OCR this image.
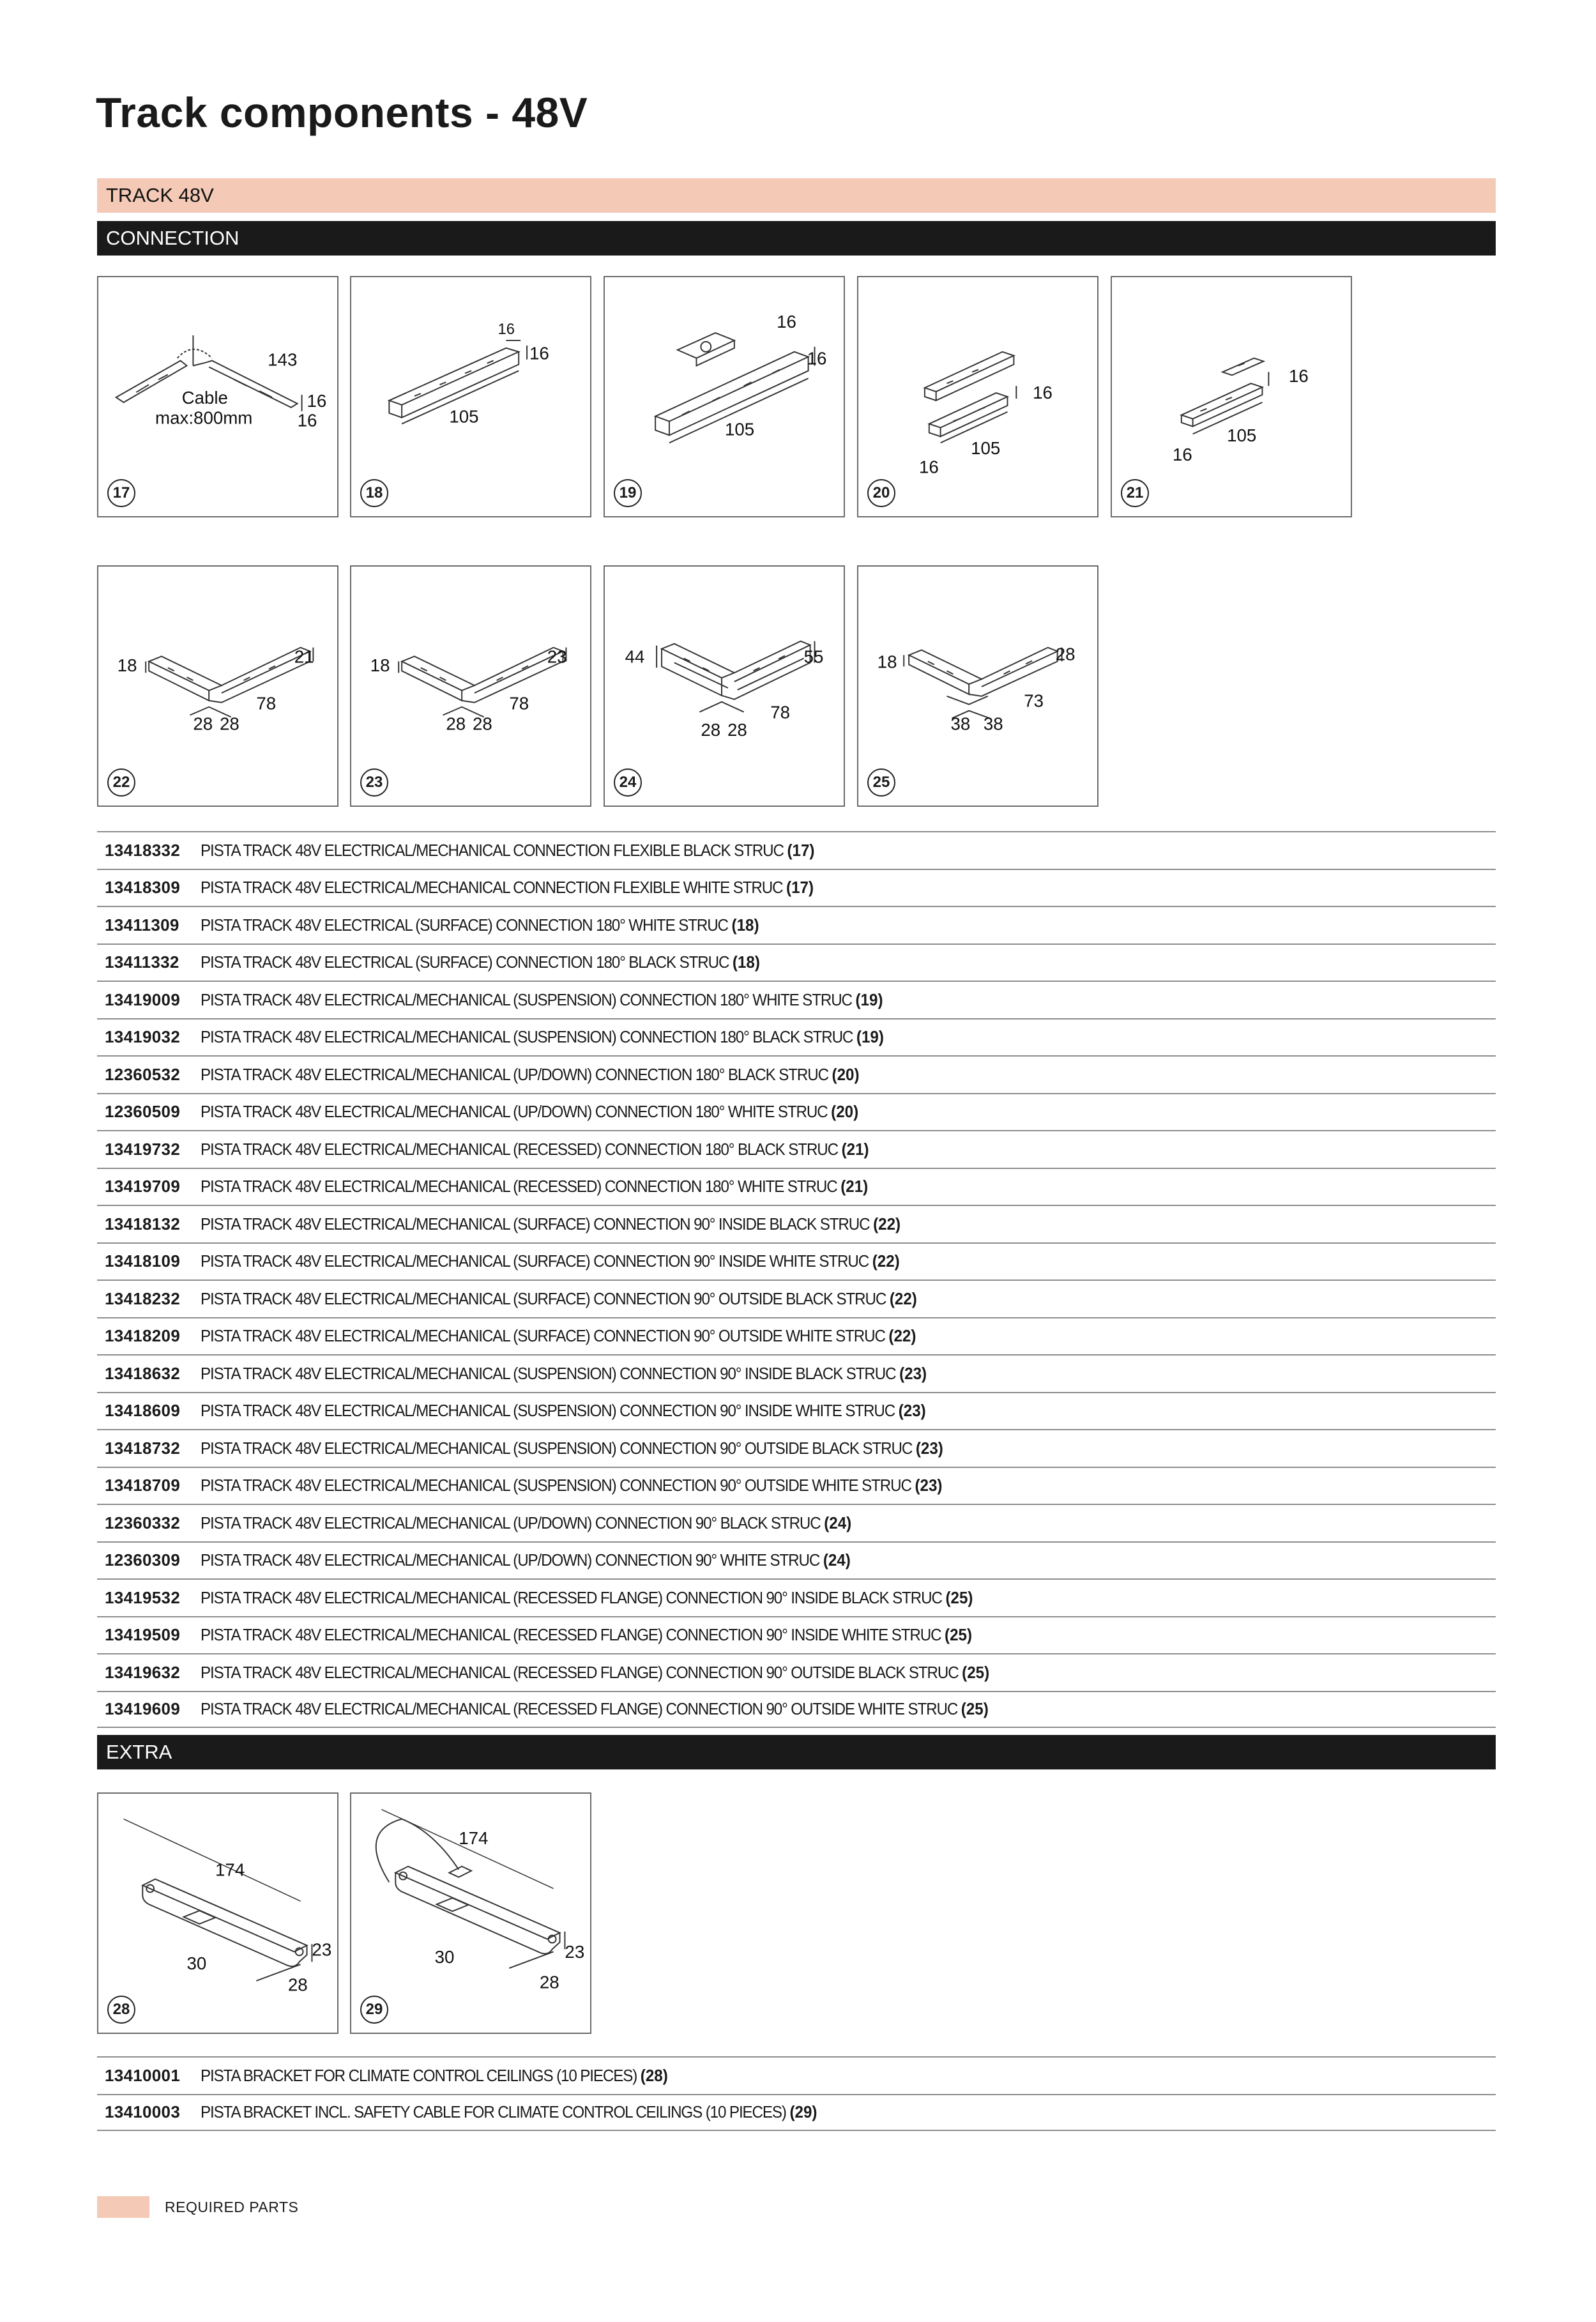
Track components - 48V
TRACK 48V
CONNECTION
143
Cable
max:800mm
16
16
17
16
16
105
18
16
16
105
19
16
105
16
20
16
105
16
21
18	21
78
28 28
22
18	23
78
28 28
23
44	55
78
28 28
24
18	28
73
38 38
25
13418332	PISTA TRACK 48V ELECTRICAL/MECHANICAL CONNECTION FLEXIBLE BLACK STRUC (17)
13418309	PISTA TRACK 48V ELECTRICAL/MECHANICAL CONNECTION FLEXIBLE WHITE STRUC (17)
13411309	PISTA TRACK 48V ELECTRICAL (SURFACE) CONNECTION 180° WHITE STRUC (18)
13411332	PISTA TRACK 48V ELECTRICAL (SURFACE) CONNECTION 180° BLACK STRUC (18)
13419009	PISTA TRACK 48V ELECTRICAL/MECHANICAL (SUSPENSION) CONNECTION 180° WHITE STRUC (19)
13419032	PISTA TRACK 48V ELECTRICAL/MECHANICAL (SUSPENSION) CONNECTION 180° BLACK STRUC (19)
12360532	PISTA TRACK 48V ELECTRICAL/MECHANICAL (UP/DOWN) CONNECTION 180° BLACK STRUC (20)
12360509	PISTA TRACK 48V ELECTRICAL/MECHANICAL (UP/DOWN) CONNECTION 180° WHITE STRUC (20)
13419732	PISTA TRACK 48V ELECTRICAL/MECHANICAL (RECESSED) CONNECTION 180° BLACK STRUC (21)
13419709	PISTA TRACK 48V ELECTRICAL/MECHANICAL (RECESSED) CONNECTION 180° WHITE STRUC (21)
13418132	PISTA TRACK 48V ELECTRICAL/MECHANICAL (SURFACE) CONNECTION 90° INSIDE BLACK STRUC (22)
13418109	PISTA TRACK 48V ELECTRICAL/MECHANICAL (SURFACE) CONNECTION 90° INSIDE WHITE STRUC (22)
13418232	PISTA TRACK 48V ELECTRICAL/MECHANICAL (SURFACE) CONNECTION 90° OUTSIDE BLACK STRUC (22)
13418209	PISTA TRACK 48V ELECTRICAL/MECHANICAL (SURFACE) CONNECTION 90° OUTSIDE WHITE STRUC (22)
13418632	PISTA TRACK 48V ELECTRICAL/MECHANICAL (SUSPENSION) CONNECTION 90° INSIDE BLACK STRUC (23)
13418609	PISTA TRACK 48V ELECTRICAL/MECHANICAL (SUSPENSION) CONNECTION 90° INSIDE WHITE STRUC (23)
13418732	PISTA TRACK 48V ELECTRICAL/MECHANICAL (SUSPENSION) CONNECTION 90° OUTSIDE BLACK STRUC (23)
13418709	PISTA TRACK 48V ELECTRICAL/MECHANICAL (SUSPENSION) CONNECTION 90° OUTSIDE WHITE STRUC (23)
12360332	PISTA TRACK 48V ELECTRICAL/MECHANICAL (UP/DOWN) CONNECTION 90° BLACK STRUC (24)
12360309	PISTA TRACK 48V ELECTRICAL/MECHANICAL (UP/DOWN) CONNECTION 90° WHITE STRUC (24)
13419532	PISTA TRACK 48V ELECTRICAL/MECHANICAL (RECESSED FLANGE) CONNECTION 90° INSIDE BLACK STRUC (25)
13419509	PISTA TRACK 48V ELECTRICAL/MECHANICAL (RECESSED FLANGE) CONNECTION 90° INSIDE WHITE STRUC (25)
13419632	PISTA TRACK 48V ELECTRICAL/MECHANICAL (RECESSED FLANGE) CONNECTION 90° OUTSIDE BLACK STRUC (25)
13419609	PISTA TRACK 48V ELECTRICAL/MECHANICAL (RECESSED FLANGE) CONNECTION 90° OUTSIDE WHITE STRUC (25)
EXTRA
174
23
30
28
28
174
23
30
28
29
13410001	PISTA BRACKET FOR CLIMATE CONTROL CEILINGS (10 PIECES) (28)
13410003	PISTA BRACKET INCL. SAFETY CABLE FOR CLIMATE CONTROL CEILINGS (10 PIECES) (29)
REQUIRED PARTS
